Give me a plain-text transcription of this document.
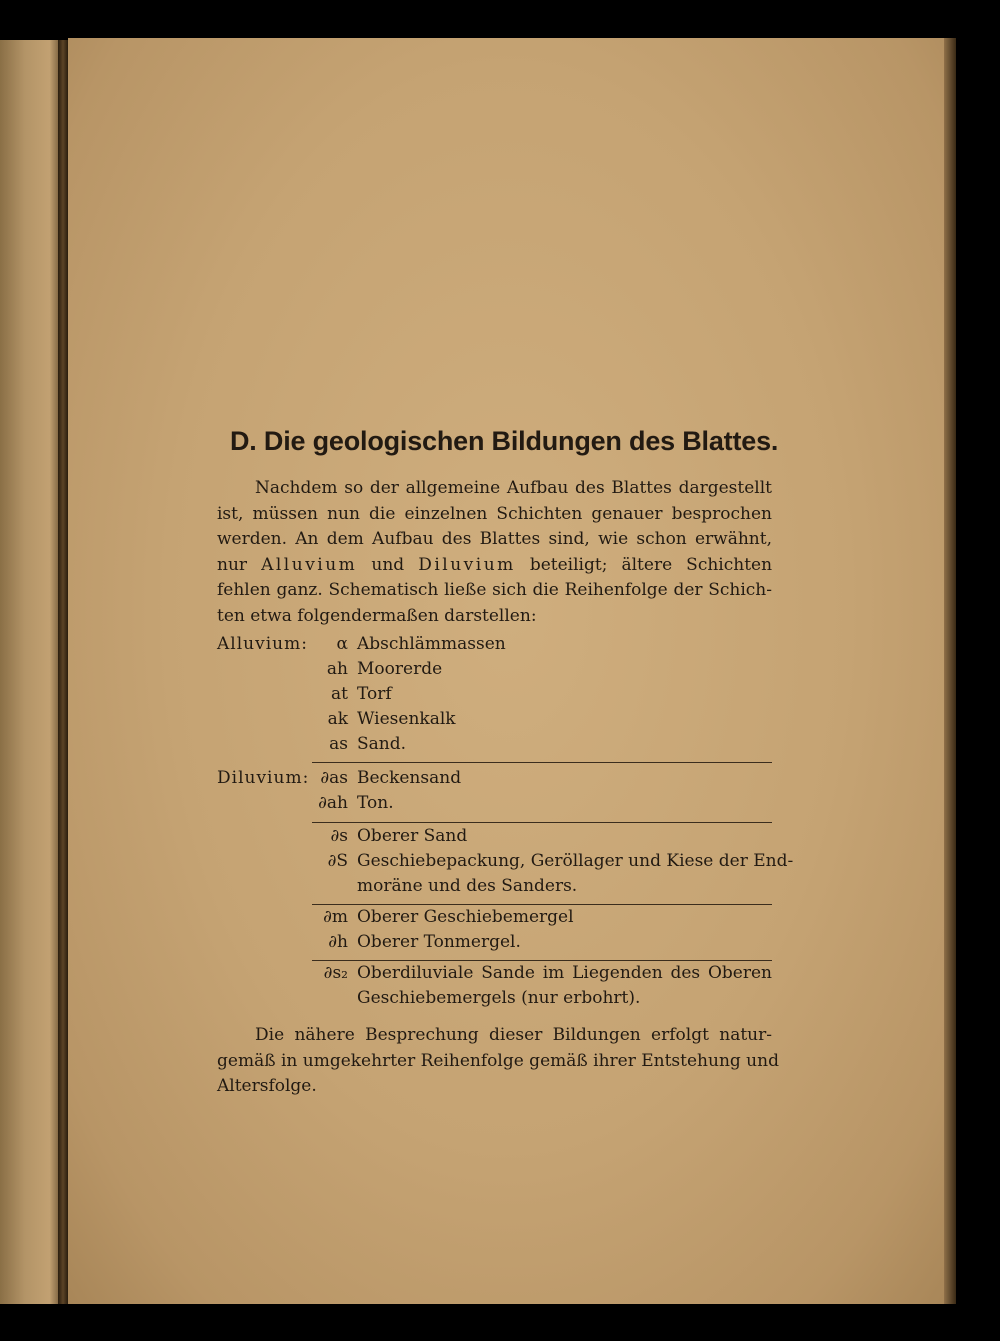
D. Die geologischen Bildungen des Blattes.
Nachdem so der allgemeine Aufbau des Blattes dargestellt
ist, müssen nun die einzelnen Schichten genauer besprochen
werden. An dem Aufbau des Blattes sind, wie schon erwähnt,
nur Alluvium und Diluvium beteiligt; ältere Schichten
fehlen ganz. Schematisch ließe sich die Reihenfolge der Schich-
ten etwa folgendermaßen darstellen:
Alluvium:
Diluvium:
α Abschlämmassen
ah Moorerde
at Torf
ak Wiesenkalk
as Sand.
∂as Beckensand
∂ah Ton.
∂s Oberer Sand
∂S Geschiebepackung, Geröllager und Kiese der End-
moräne und des Sanders.
∂m Oberer Geschiebemergel
∂h Oberer Tonmergel.
∂s₂ Oberdiluviale Sande im Liegenden des Oberen
Geschiebemergels (nur erbohrt).
Die nähere Besprechung dieser Bildungen erfolgt natur-
gemäß in umgekehrter Reihenfolge gemäß ihrer Entstehung und
Altersfolge.
